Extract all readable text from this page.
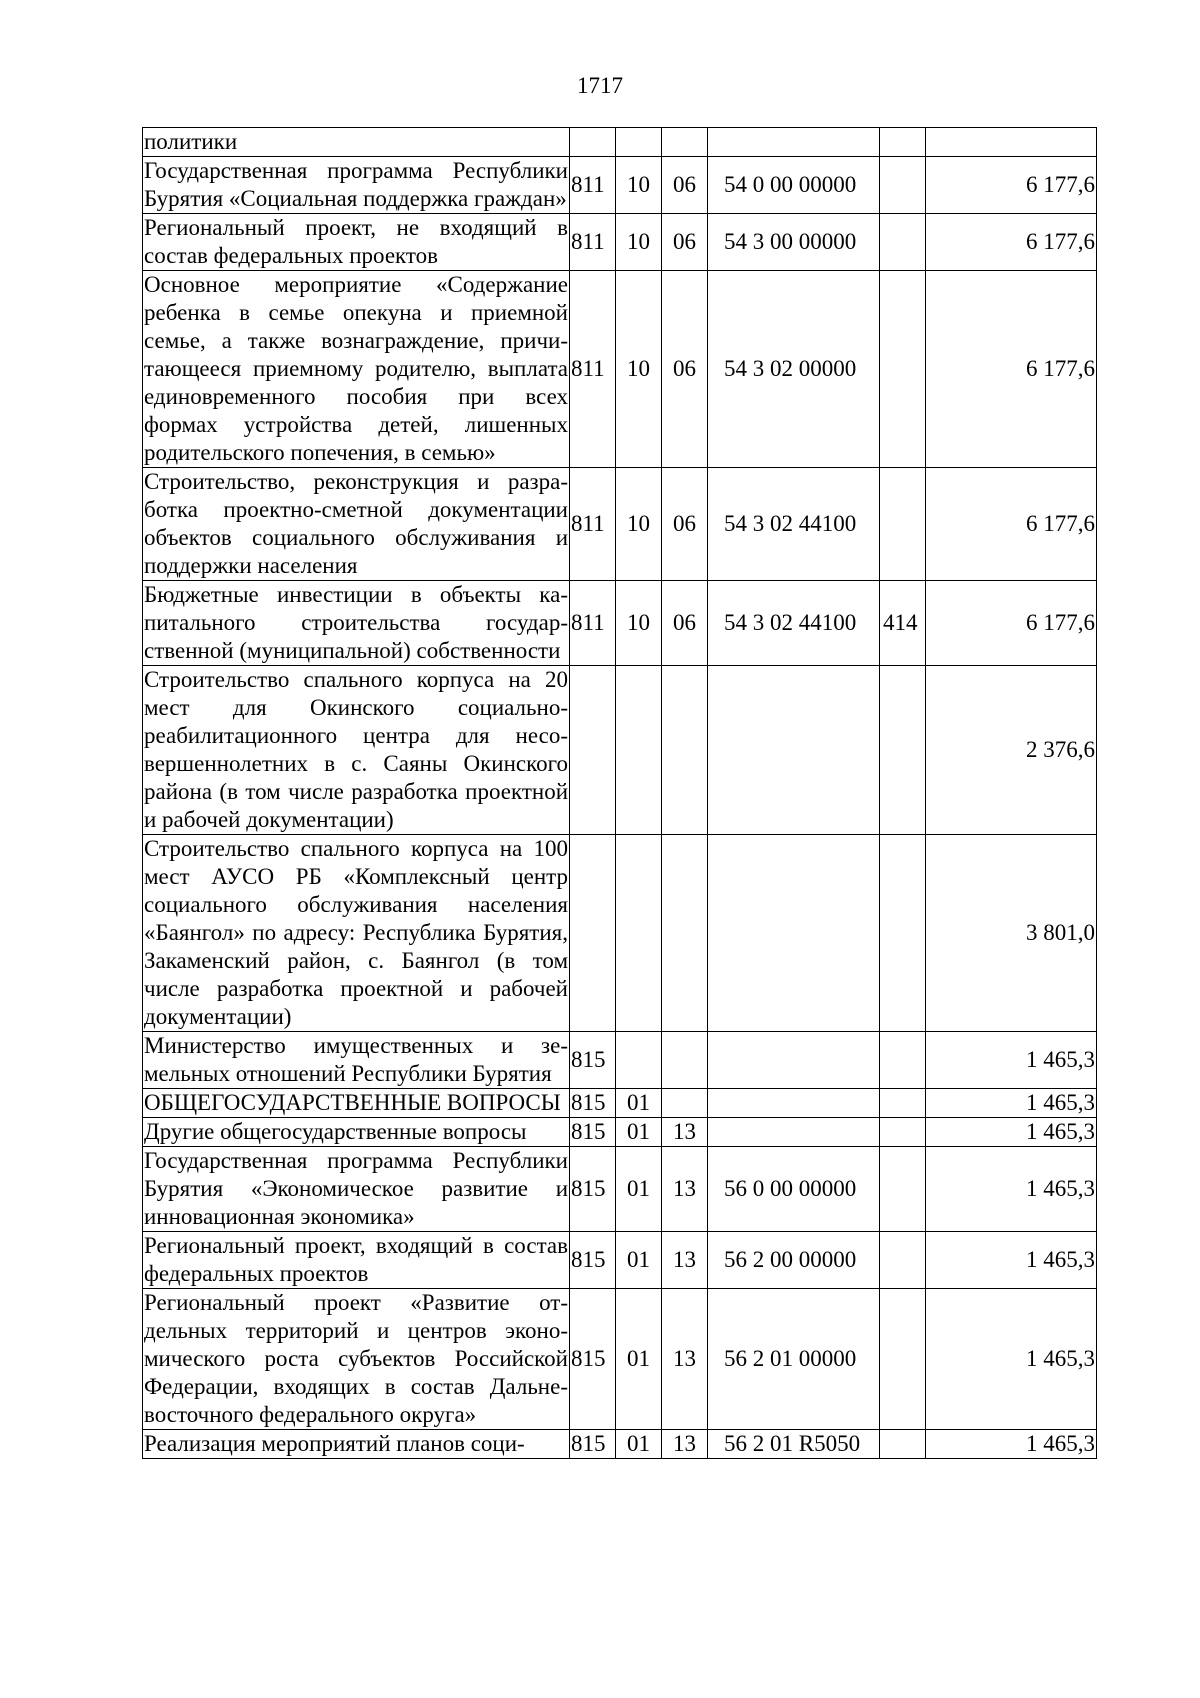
1717
политики						
Государственная программа Республики Бурятия «Социальная поддержка граждан»	811	10	06	54 0 00 00000		6 177,6
Региональный проект, не входящий в состав федеральных проектов	811	10	06	54 3 00 00000		6 177,6
Основное мероприятие «Содержание ребенка в семье опекуна и приемной семье, а также вознаграждение, причитающееся приемному родителю, выплата единовременного пособия при всех формах устройства детей, лишенных родительского попечения, в семью»	811	10	06	54 3 02 00000		6 177,6
Строительство, реконструкция и разработка проектно-сметной документации объектов социального обслуживания и поддержки населения	811	10	06	54 3 02 44100		6 177,6
Бюджетные инвестиции в объекты капитального строительства государственной (муниципальной) собственности	811	10	06	54 3 02 44100	414	6 177,6
Строительство спального корпуса на 20 мест для Окинского социально-реабилитационного центра для несовершеннолетних в с. Саяны Окинского района (в том числе разработка проектной и рабочей документации)						2 376,6
Строительство спального корпуса на 100 мест АУСО РБ «Комплексный центр социального обслуживания населения «Баянгол» по адресу: Республика Бурятия, Закаменский район, с. Баянгол (в том числе разработка проектной и рабочей документации)						3 801,0
Министерство имущественных и земельных отношений Республики Бурятия	815					1 465,3
ОБЩЕГОСУДАРСТВЕННЫЕ ВОПРОСЫ	815	01				1 465,3
Другие общегосударственные вопросы	815	01	13			1 465,3
Государственная программа Республики Бурятия «Экономическое развитие и инновационная экономика»	815	01	13	56 0 00 00000		1 465,3
Региональный проект, входящий в состав федеральных проектов	815	01	13	56 2 00 00000		1 465,3
Региональный проект «Развитие отдельных территорий и центров экономического роста субъектов Российской Федерации, входящих в состав Дальневосточного федерального округа»	815	01	13	56 2 01 00000		1 465,3
Реализация мероприятий планов соци-	815	01	13	56 2 01 R5050		1 465,3
